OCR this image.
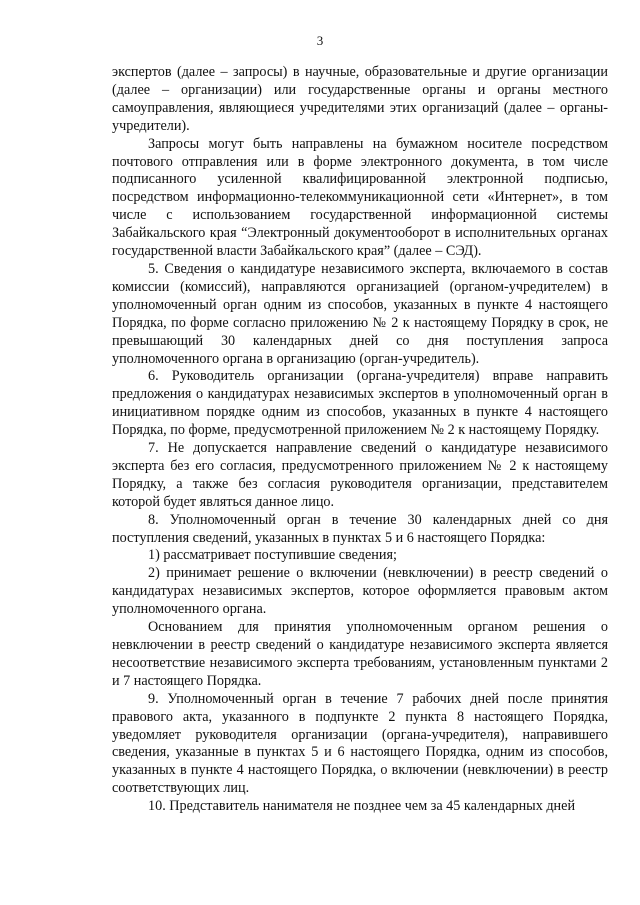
3

экспертов (далее – запросы) в научные, образовательные и другие организации (далее – организации) или государственные органы и органы местного самоуправления, являющиеся учредителями этих организаций (далее – органы-учредители).

Запросы могут быть направлены на бумажном носителе посредством почтового отправления или в форме электронного документа, в том числе подписанного усиленной квалифицированной электронной подписью, посредством информационно-телекоммуникационной сети «Интернет», в том числе с использованием государственной информационной системы Забайкальского края “Электронный документооборот в исполнительных органах государственной власти Забайкальского края” (далее – СЭД).

5. Сведения о кандидатуре независимого эксперта, включаемого в состав комиссии (комиссий), направляются организацией (органом-учредителем) в уполномоченный орган одним из способов, указанных в пункте 4 настоящего Порядка, по форме согласно приложению № 2 к настоящему Порядку в срок, не превышающий 30 календарных дней со дня поступления запроса уполномоченного органа в организацию (орган-учредитель).

6. Руководитель организации (органа-учредителя) вправе направить предложения о кандидатурах независимых экспертов в уполномоченный орган в инициативном порядке одним из способов, указанных в пункте 4 настоящего Порядка, по форме, предусмотренной приложением № 2 к настоящему Порядку.

7. Не допускается направление сведений о кандидатуре независимого эксперта без его согласия, предусмотренного приложением № 2 к настоящему Порядку, а также без согласия руководителя организации, представителем которой будет являться данное лицо.

8. Уполномоченный орган в течение 30 календарных дней со дня поступления сведений, указанных в пунктах 5 и 6 настоящего Порядка:

1) рассматривает поступившие сведения;

2) принимает решение о включении (невключении) в реестр сведений о кандидатурах независимых экспертов, которое оформляется правовым актом уполномоченного органа.

Основанием для принятия уполномоченным органом решения о невключении в реестр сведений о кандидатуре независимого эксперта является несоответствие независимого эксперта требованиям, установленным пунктами 2 и 7 настоящего Порядка.

9. Уполномоченный орган в течение 7 рабочих дней после принятия правового акта, указанного в подпункте 2 пункта 8 настоящего Порядка, уведомляет руководителя организации (органа-учредителя), направившего сведения, указанные в пунктах 5 и 6 настоящего Порядка, одним из способов, указанных в пункте 4 настоящего Порядка, о включении (невключении) в реестр соответствующих лиц.

10. Представитель нанимателя не позднее чем за 45 календарных дней
